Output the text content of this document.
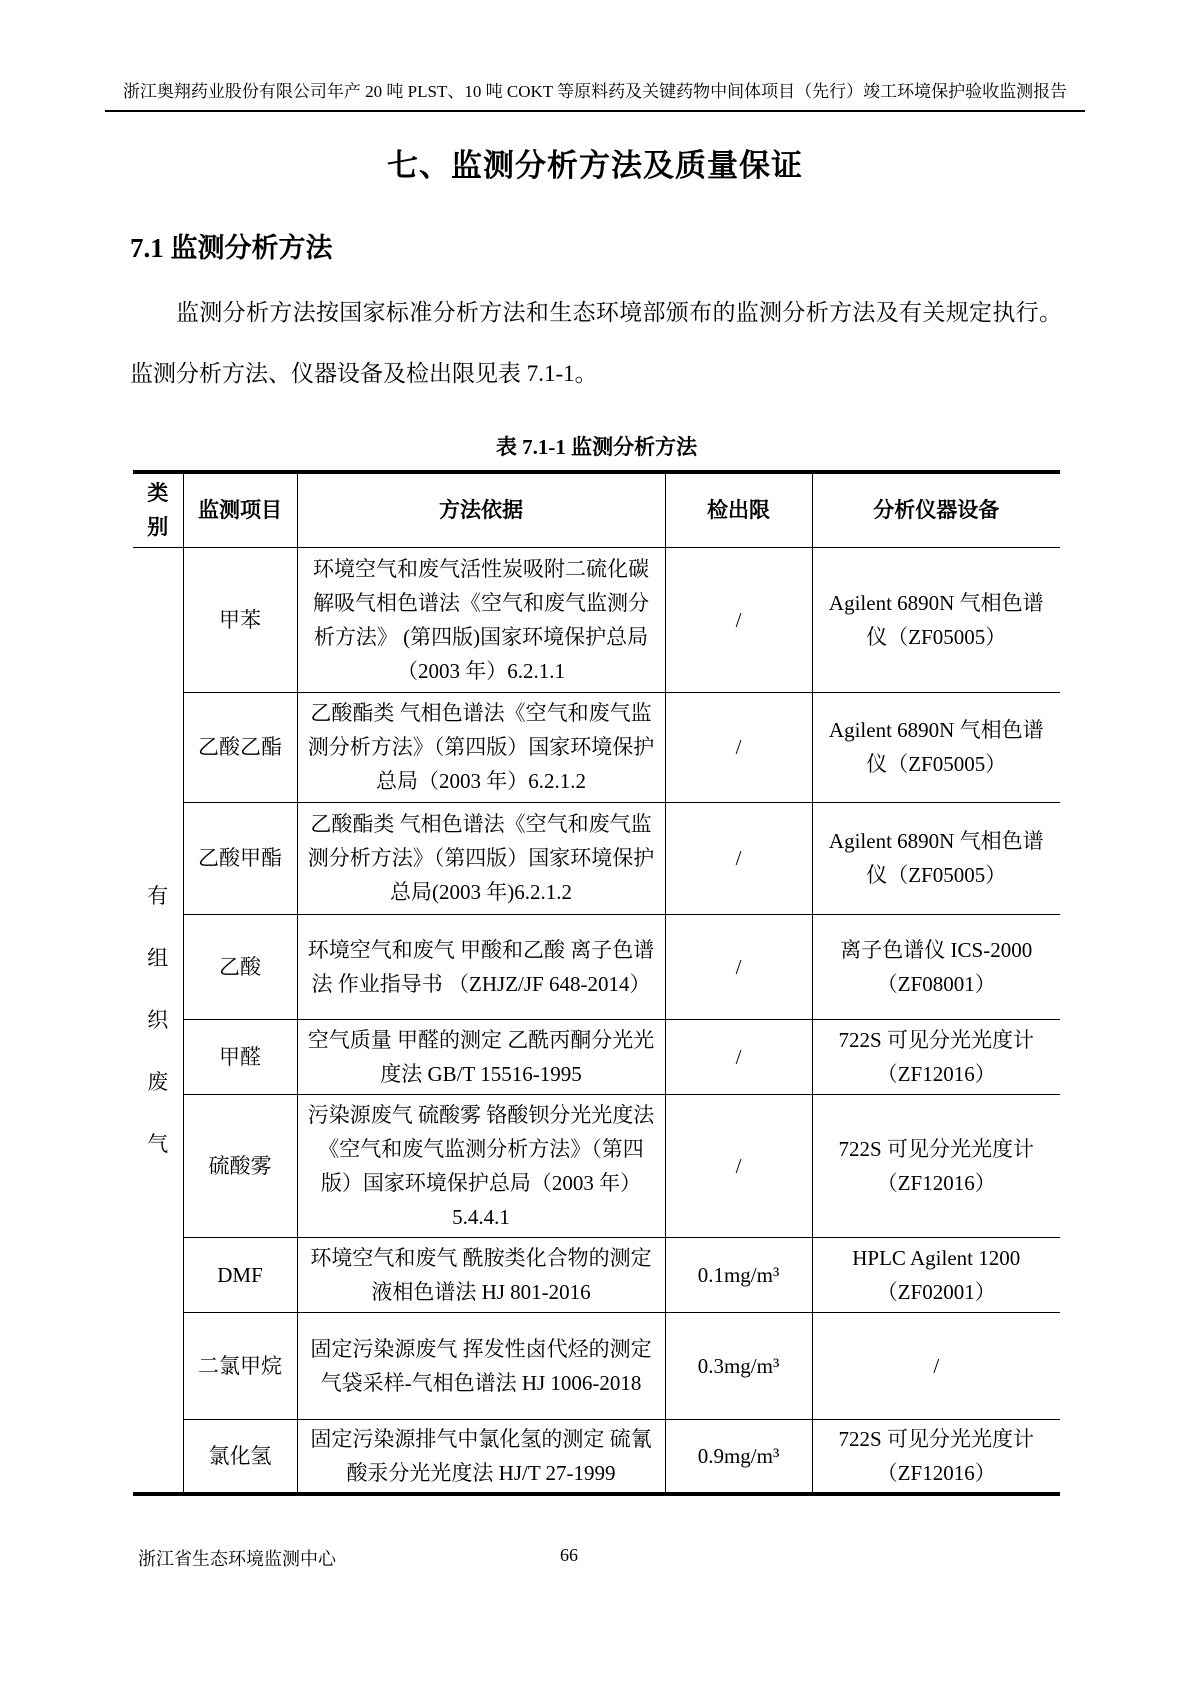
浙江奥翔药业股份有限公司年产 20 吨 PLST、10 吨 COKT 等原料药及关键药物中间体项目（先行）竣工环境保护验收监测报告
七、监测分析方法及质量保证
7.1 监测分析方法

监测分析方法按国家标准分析方法和生态环境部颁布的监测分析方法及有关规定执行。监测分析方法、仪器设备及检出限见表 7.1-1。

表 7.1-1 监测分析方法
类别	监测项目	方法依据	检出限	分析仪器设备
有组织废气	甲苯	环境空气和废气活性炭吸附二硫化碳解吸气相色谱法《空气和废气监测分析方法》 (第四版)国家环境保护总局（2003 年）6.2.1.1	/	Agilent 6890N 气相色谱仪（ZF05005）
	乙酸乙酯	乙酸酯类 气相色谱法《空气和废气监测分析方法》（第四版）国家环境保护总局（2003 年）6.2.1.2	/	Agilent 6890N 气相色谱仪（ZF05005）
	乙酸甲酯	乙酸酯类 气相色谱法《空气和废气监测分析方法》（第四版）国家环境保护总局(2003 年)6.2.1.2	/	Agilent 6890N 气相色谱仪（ZF05005）
	乙酸	环境空气和废气 甲酸和乙酸 离子色谱法 作业指导书 （ZHJZ/JF 648-2014）	/	离子色谱仪 ICS-2000（ZF08001）
	甲醛	空气质量 甲醛的测定 乙酰丙酮分光光度法 GB/T 15516-1995	/	722S 可见分光光度计（ZF12016）
	硫酸雾	污染源废气 硫酸雾 铬酸钡分光光度法《空气和废气监测分析方法》（第四版）国家环境保护总局（2003 年）5.4.4.1	/	722S 可见分光光度计（ZF12016）
	DMF	环境空气和废气 酰胺类化合物的测定 液相色谱法 HJ 801-2016	0.1mg/m³	HPLC Agilent 1200（ZF02001）
	二氯甲烷	固定污染源废气 挥发性卤代烃的测定 气袋采样-气相色谱法 HJ 1006-2018	0.3mg/m³	/
	氯化氢	固定污染源排气中氯化氢的测定 硫氰酸汞分光光度法 HJ/T 27-1999	0.9mg/m³	722S 可见分光光度计（ZF12016）
浙江省生态环境监测中心	66
